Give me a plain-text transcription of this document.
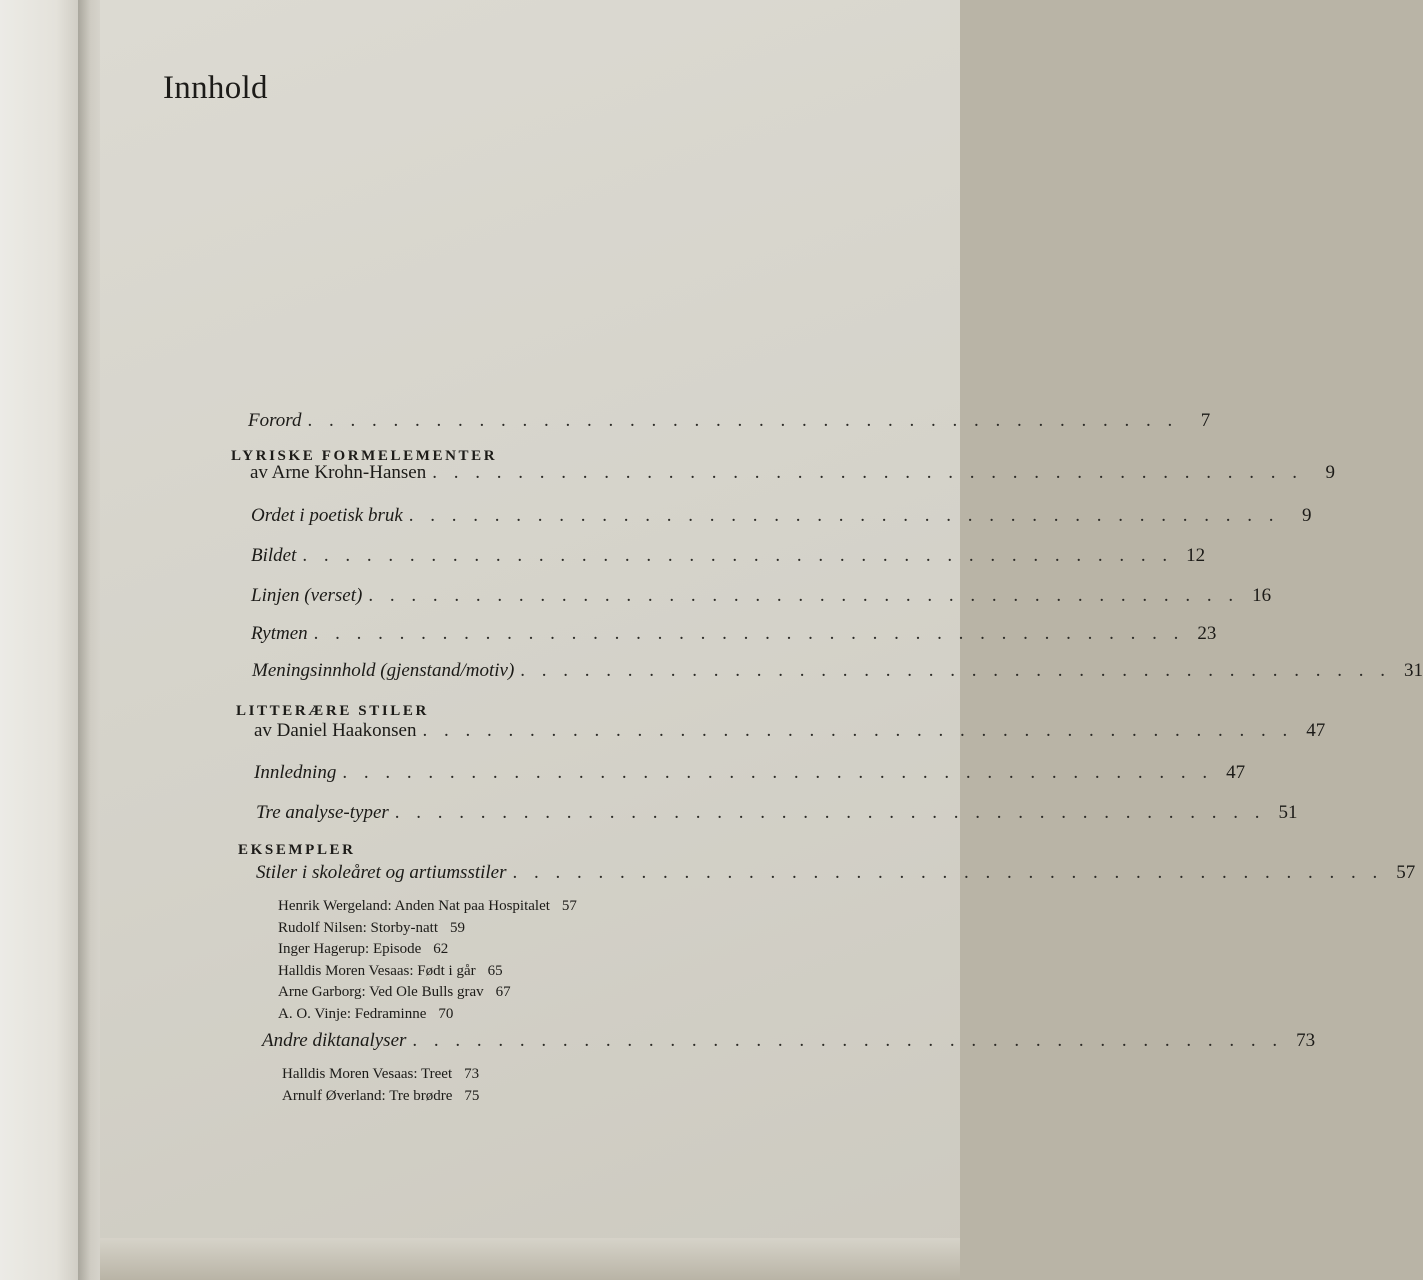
Innhold
Forord . . . . . . . . . . . . . . . . . . . . . . . . . . . . . . . . . . . . . . . . .	7
LYRISKE FORMELEMENTER
av Arne Krohn-Hansen . . . . . . . . . . . . . . . . . . . . . . . . . . . . . . . . . . . . . . . . .	9
Ordet i poetisk bruk . . . . . . . . . . . . . . . . . . . . . . . . . . . . . . . . . . . . . . . . .	9
Bildet . . . . . . . . . . . . . . . . . . . . . . . . . . . . . . . . . . . . . . . . . 12
Linjen (verset) . . . . . . . . . . . . . . . . . . . . . . . . . . . . . . . . . . . . . . . . . 16
Rytmen . . . . . . . . . . . . . . . . . . . . . . . . . . . . . . . . . . . . . . . . . 23
Meningsinnhold (gjenstand/motiv) . . . . . . . . . . . . . . . . . . . . . . . . . . . . . . . . . . . . . . . . . 31
LITTERÆRE STILER
av Daniel Haakonsen . . . . . . . . . . . . . . . . . . . . . . . . . . . . . . . . . . . . . . . . . 47
Innledning . . . . . . . . . . . . . . . . . . . . . . . . . . . . . . . . . . . . . . . . . 47
Tre analyse-typer . . . . . . . . . . . . . . . . . . . . . . . . . . . . . . . . . . . . . . . . . 51
EKSEMPLER
Stiler i skoleåret og artiumsstiler . . . . . . . . . . . . . . . . . . . . . . . . . . . . . . . . . . . . . . . . . 57
Henrik Wergeland: Anden Nat paa Hospitalet 57
Rudolf Nilsen: Storby-natt 59
Inger Hagerup: Episode 62
Halldis Moren Vesaas: Født i går 65
Arne Garborg: Ved Ole Bulls grav 67
A. O. Vinje: Fedraminne 70
Andre diktanalyser . . . . . . . . . . . . . . . . . . . . . . . . . . . . . . . . . . . . . . . . . 73
Halldis Moren Vesaas: Treet 73
Arnulf Øverland: Tre brødre 75
